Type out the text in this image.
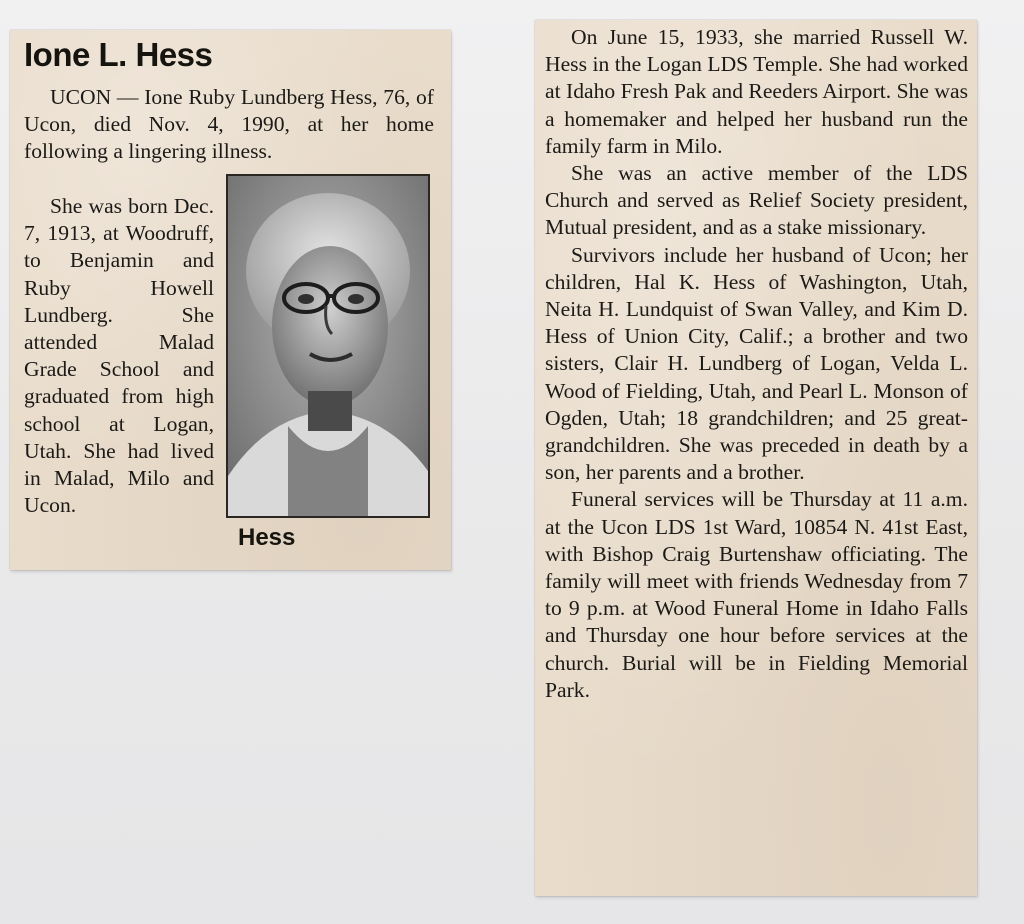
Ione L. Hess

UCON — Ione Ruby Lundberg Hess, 76, of Ucon, died Nov. 4, 1990, at her home following a lingering illness.

She was born Dec. 7, 1913, at Woodruff, to Benjamin and Ruby Howell Lundberg. She attended Malad Grade School and graduated from high school at Logan, Utah. She had lived in Malad, Milo and Ucon.

Hess

On June 15, 1933, she married Russell W. Hess in the Logan LDS Temple. She had worked at Idaho Fresh Pak and Reeders Airport. She was a homemaker and helped her husband run the family farm in Milo.

She was an active member of the LDS Church and served as Relief Society president, Mutual president, and as a stake missionary.

Survivors include her husband of Ucon; her children, Hal K. Hess of Washington, Utah, Neita H. Lundquist of Swan Valley, and Kim D. Hess of Union City, Calif.; a brother and two sisters, Clair H. Lundberg of Logan, Velda L. Wood of Fielding, Utah, and Pearl L. Monson of Ogden, Utah; 18 grandchildren; and 25 great-grandchildren. She was preceded in death by a son, her parents and a brother.

Funeral services will be Thursday at 11 a.m. at the Ucon LDS 1st Ward, 10854 N. 41st East, with Bishop Craig Burtenshaw officiating. The family will meet with friends Wednesday from 7 to 9 p.m. at Wood Funeral Home in Idaho Falls and Thursday one hour before services at the church. Burial will be in Fielding Memorial Park.
